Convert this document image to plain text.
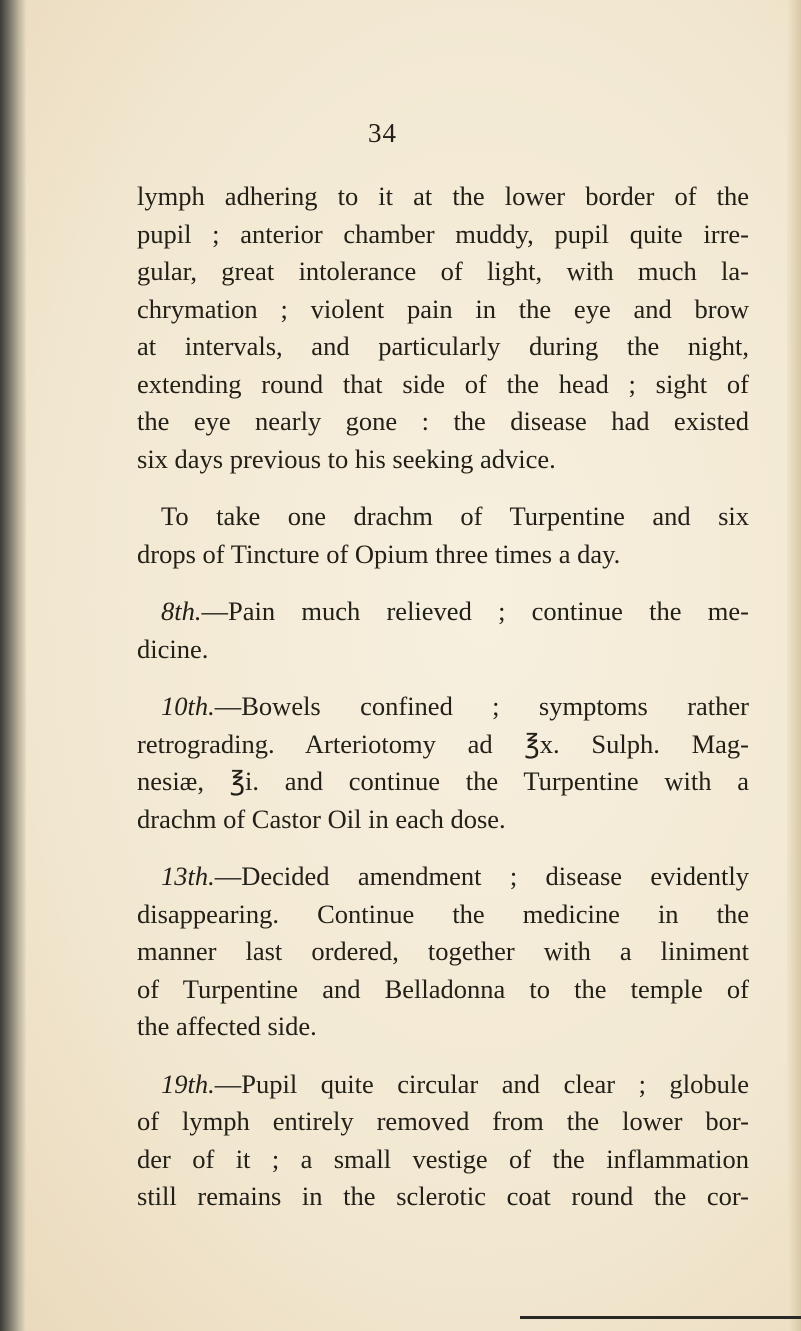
34

lymph adhering to it at the lower border of the
pupil ; anterior chamber muddy, pupil quite irre-
gular, great intolerance of light, with much la-
chrymation ; violent pain in the eye and brow
at intervals, and particularly during the night,
extending round that side of the head ; sight of
the eye nearly gone : the disease had existed
six days previous to his seeking advice.

To take one drachm of Turpentine and six
drops of Tincture of Opium three times a day.

8th.—Pain much relieved ; continue the me-
dicine.

10th.—Bowels confined ; symptoms rather
retrograding. Arteriotomy ad ℥x. Sulph. Mag-
nesiæ, ℥i. and continue the Turpentine with a
drachm of Castor Oil in each dose.

13th.—Decided amendment ; disease evidently
disappearing. Continue the medicine in the
manner last ordered, together with a liniment
of Turpentine and Belladonna to the temple of
the affected side.

19th.—Pupil quite circular and clear ; globule
of lymph entirely removed from the lower bor-
der of it ; a small vestige of the inflammation
still remains in the sclerotic coat round the cor-
